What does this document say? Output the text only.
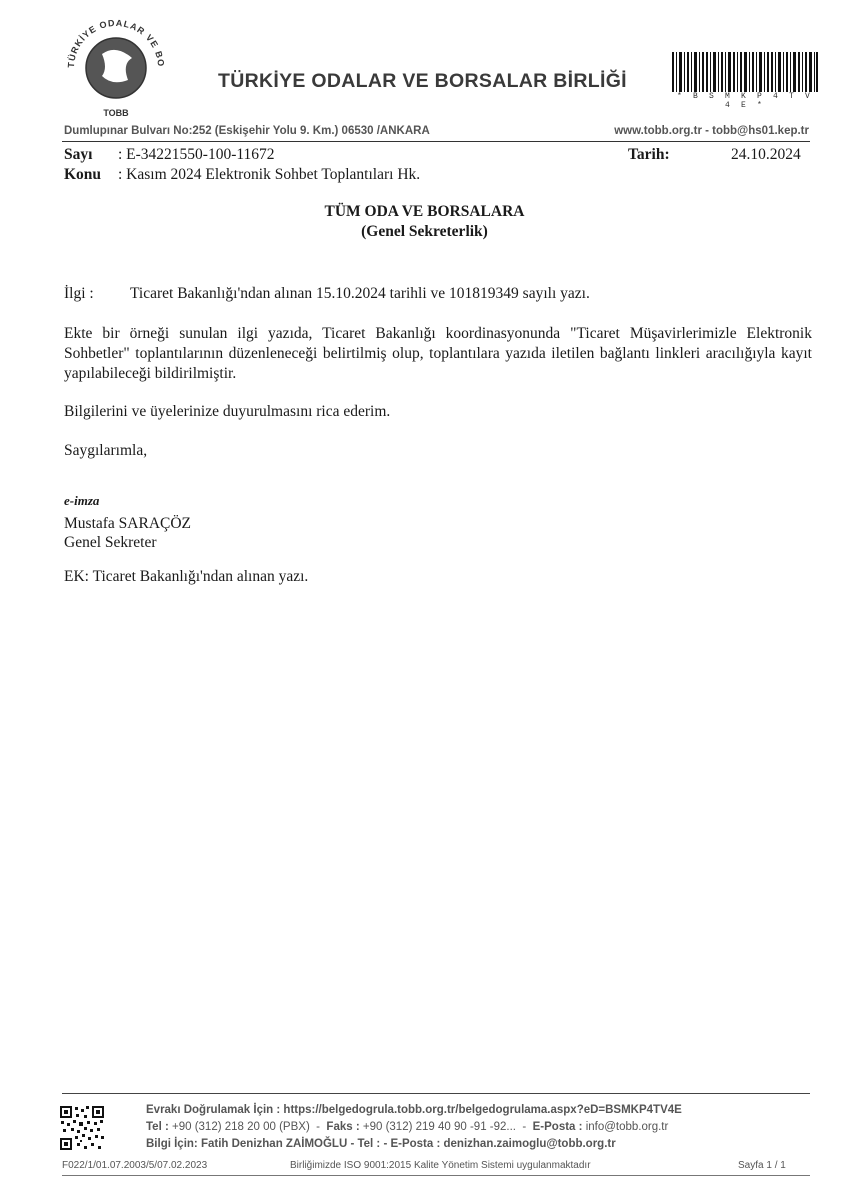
TÜRKİYE ODALAR VE BO
TOBB
TÜRKİYE ODALAR VE BORSALAR BİRLİĞİ
* B S M K P 4 T V 4 E *
Dumlupınar Bulvarı No:252 (Eskişehir Yolu 9. Km.) 06530 /ANKARA	www.tobb.org.tr - tobb@hs01.kep.tr
Sayı : E-34221550-100-11672
Konu : Kasım 2024 Elektronik Sohbet Toplantıları Hk.
Tarih:	24.10.2024
TÜM ODA VE BORSALARA
(Genel Sekreterlik)
İlgi : Ticaret Bakanlığı'ndan alınan 15.10.2024 tarihli ve 101819349 sayılı yazı.
Ekte bir örneği sunulan ilgi yazıda, Ticaret Bakanlığı koordinasyonunda "Ticaret Müşavirlerimizle Elektronik Sohbetler" toplantılarının düzenleneceği belirtilmiş olup, toplantılara yazıda iletilen bağlantı linkleri aracılığıyla kayıt yapılabileceği bildirilmiştir.
Bilgilerini ve üyelerinize duyurulmasını rica ederim.
Saygılarımla,
e-imza
Mustafa SARAÇÖZ
Genel Sekreter
EK: Ticaret Bakanlığı'ndan alınan yazı.
Evrakı Doğrulamak İçin : https://belgedogrula.tobb.org.tr/belgedogrulama.aspx?eD=BSMKP4TV4E
Tel : +90 (312) 218 20 00 (PBX)  -  Faks : +90 (312) 219 40 90 -91 -92...  -  E-Posta : info@tobb.org.tr
Bilgi İçin: Fatih Denizhan ZAİMOĞLU - Tel : - E-Posta : denizhan.zaimoglu@tobb.org.tr
F022/1/01.07.2003/5/07.02.2023	Birliğimizde ISO 9001:2015 Kalite Yönetim Sistemi uygulanmaktadır	Sayfa 1 / 1
